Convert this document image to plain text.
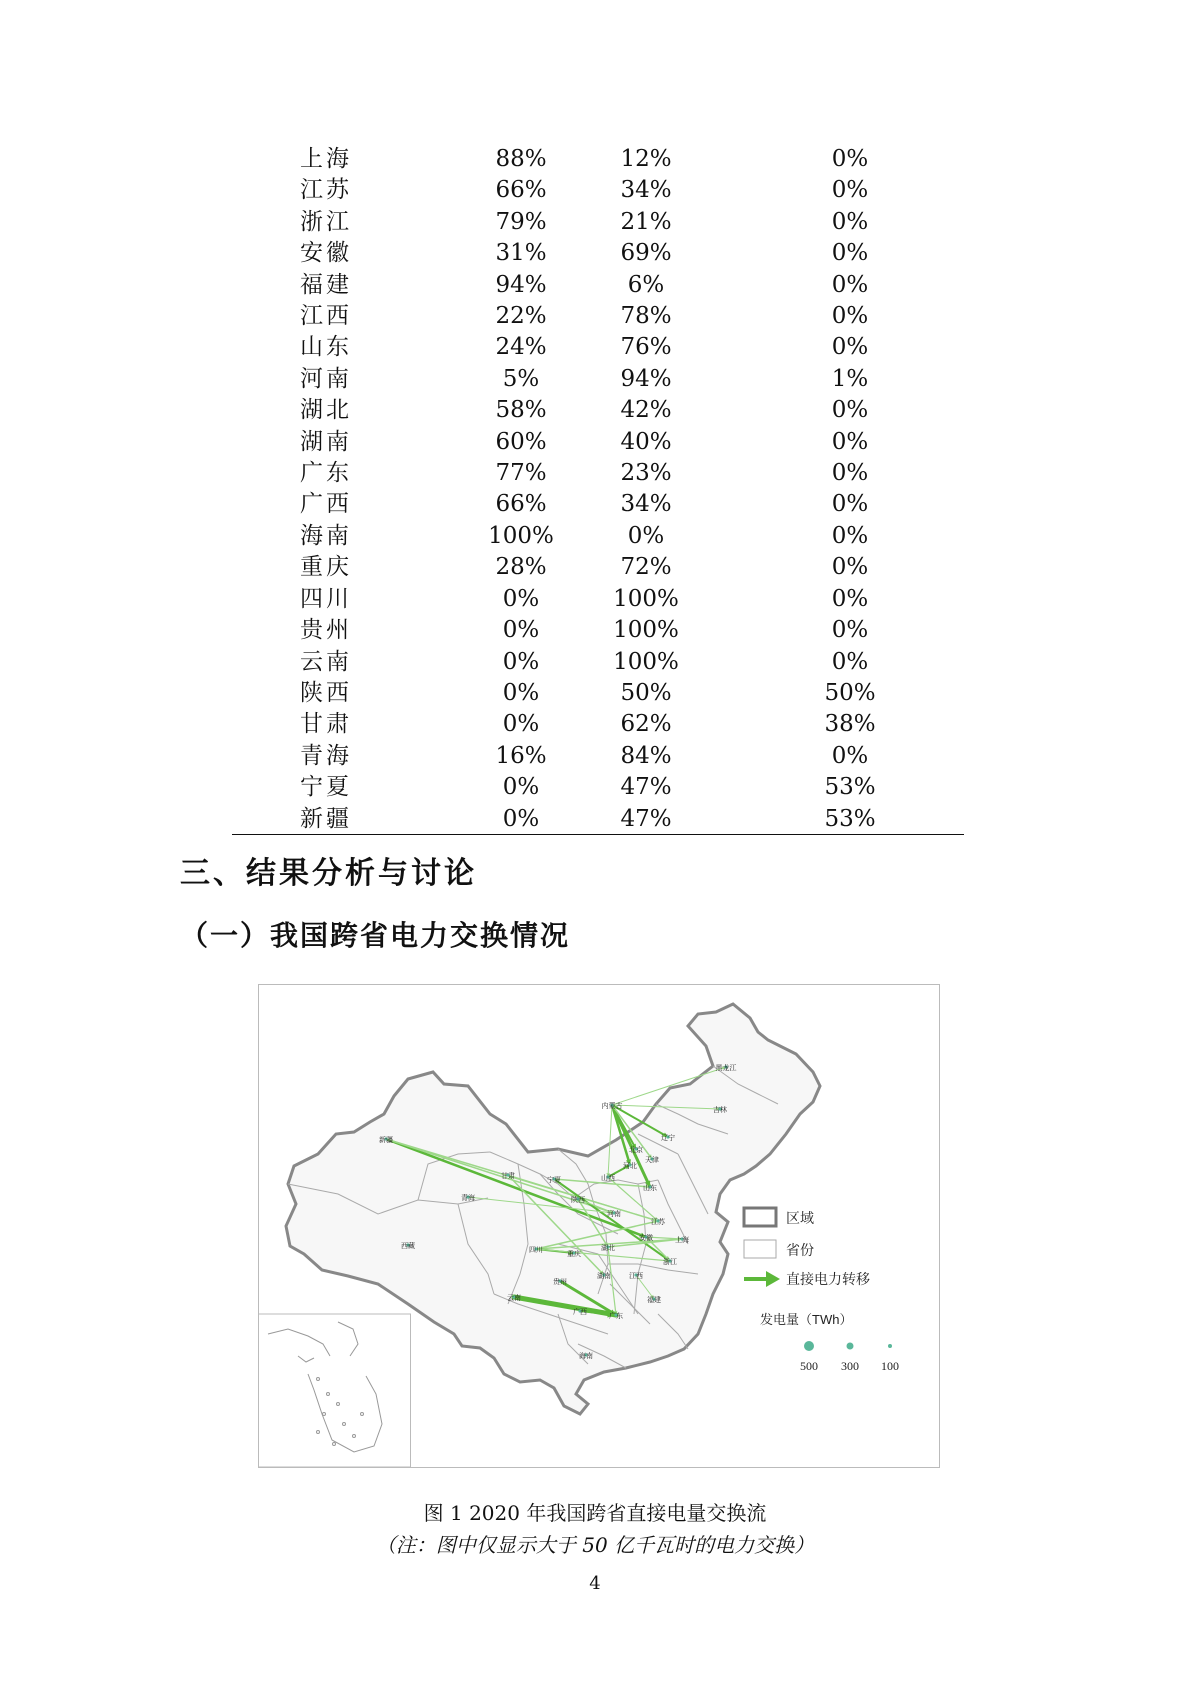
上海	88%	12%	0%
江苏	66%	34%	0%
浙江	79%	21%	0%
安徽	31%	69%	0%
福建	94%	6%	0%
江西	22%	78%	0%
山东	24%	76%	0%
河南	5%	94%	1%
湖北	58%	42%	0%
湖南	60%	40%	0%
广东	77%	23%	0%
广西	66%	34%	0%
海南	100%	0%	0%
重庆	28%	72%	0%
四川	0%	100%	0%
贵州	0%	100%	0%
云南	0%	100%	0%
陕西	0%	50%	50%
甘肃	0%	62%	38%
青海	16%	84%	0%
宁夏	0%	47%	53%
新疆	0%	47%	53%
三、结果分析与讨论
（一）我国跨省电力交换情况
黑龙江
吉林
内蒙古
辽宁
北京
天津
河北
山西
山东
新疆
甘肃
宁夏
青海	陕西
河南
江苏
安徽	上海
西藏
四川
重庆
湖北
浙江
贵州
湖南	江西
福建
云南
广西
广东
海南
区域
省份
直接电力转移
发电量（TWh）
500 300 100
图 1 2020 年我国跨省直接电量交换流
（注：图中仅显示大于 50 亿千瓦时的电力交换）
4
